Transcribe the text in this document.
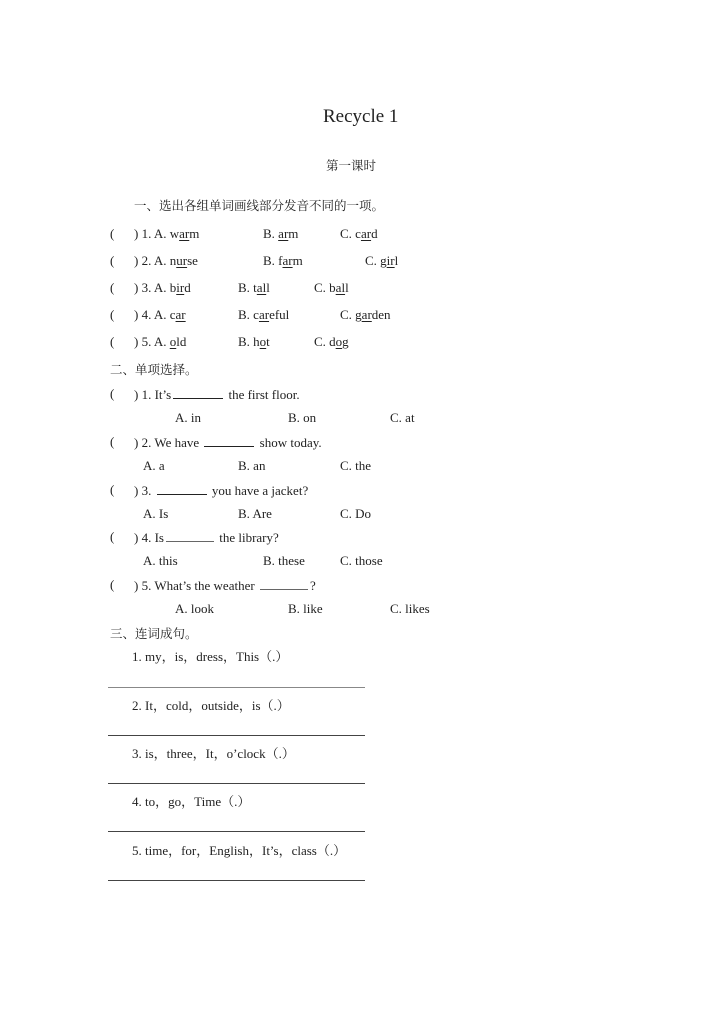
Recycle 1
第一课时
一、选出各组单词画线部分发音不同的一项。
( ) 1. A. warm	B. arm	C. card
( ) 2. A. nurse	B. farm	C. girl
( ) 3. A. bird	B. tall	C. ball
( ) 4. A. car	B. careful	C. garden
( ) 5. A. old	B. hot	C. dog
二、单项选择。
( ) 1. It’s	the first floor.
A. in	B. on	C. at
( ) 2. We have	show today.
A. a	B. an	C. the
( ) 3.	you have a jacket?
A. Is	B. Are	C. Do
( ) 4. Is	the library?
A. this	B. these	C. those
( ) 5. What’s the weather	?
A. look	B. like	C. likes
三、连词成句。
1. my，is，dress，This（.）
2. It，cold，outside，is（.）
3. is，three，It，o’clock（.）
4. to，go，Time（.）
5. time，for，English，It’s，class（.）
